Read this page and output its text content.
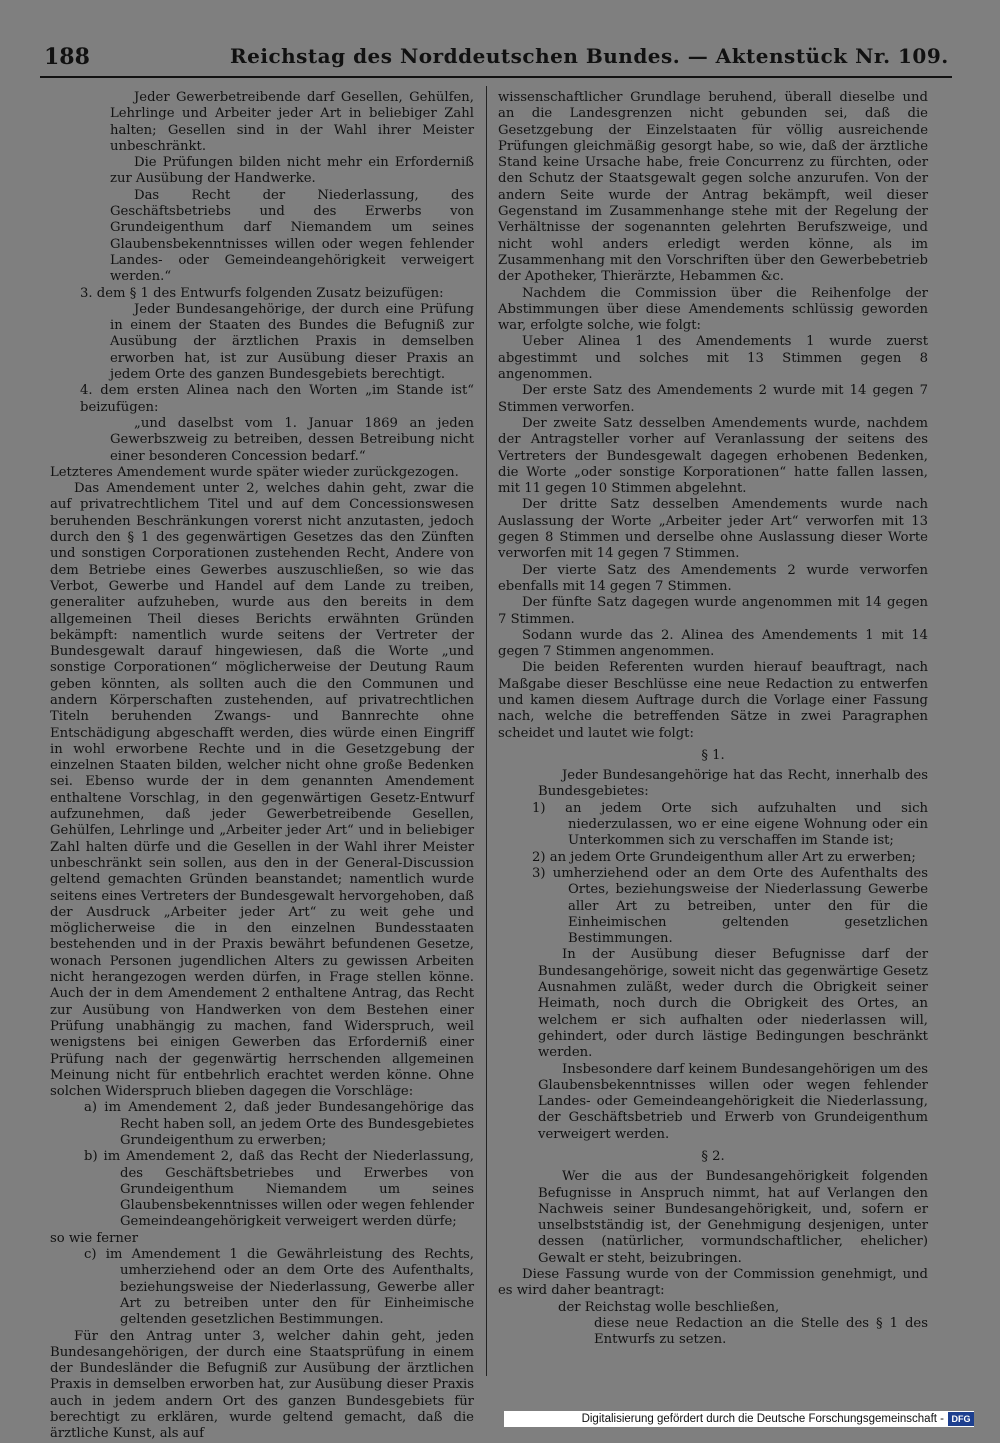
188	Reichstag des Norddeutschen Bundes. — Aktenstück Nr. 109.

Jeder Gewerbetreibende darf Gesellen, Gehülfen, Lehrlinge und Arbeiter jeder Art in beliebiger Zahl halten; Gesellen sind in der Wahl ihrer Meister unbeschränkt.

Die Prüfungen bilden nicht mehr ein Erforderniß zur Ausübung der Handwerke.

Das Recht der Niederlassung, des Geschäftsbetriebs und des Erwerbs von Grundeigenthum darf Niemandem um seines Glaubensbekenntnisses willen oder wegen fehlender Landes- oder Gemeindeangehörigkeit verweigert werden.“

3. dem § 1 des Entwurfs folgenden Zusatz beizufügen:

Jeder Bundesangehörige, der durch eine Prüfung in einem der Staaten des Bundes die Befugniß zur Ausübung der ärztlichen Praxis in demselben erworben hat, ist zur Ausübung dieser Praxis an jedem Orte des ganzen Bundesgebiets berechtigt.

4. dem ersten Alinea nach den Worten „im Stande ist“ beizufügen:

„und daselbst vom 1. Januar 1869 an jeden Gewerbszweig zu betreiben, dessen Betreibung nicht einer besonderen Concession bedarf.“

Letzteres Amendement wurde später wieder zurückgezogen.

Das Amendement unter 2, welches dahin geht, zwar die auf privatrechtlichem Titel und auf dem Concessionswesen beruhenden Beschränkungen vorerst nicht anzutasten, jedoch durch den § 1 des gegenwärtigen Gesetzes das den Zünften und sonstigen Corporationen zustehenden Recht, Andere von dem Betriebe eines Gewerbes auszuschließen, so wie das Verbot, Gewerbe und Handel auf dem Lande zu treiben, generaliter aufzuheben, wurde aus den bereits in dem allgemeinen Theil dieses Berichts erwähnten Gründen bekämpft: namentlich wurde seitens der Vertreter der Bundesgewalt darauf hingewiesen, daß die Worte „und sonstige Corporationen“ möglicherweise der Deutung Raum geben könnten, als sollten auch die den Communen und andern Körperschaften zustehenden, auf privatrechtlichen Titeln beruhenden Zwangs- und Bannrechte ohne Entschädigung abgeschafft werden, dies würde einen Eingriff in wohl erworbene Rechte und in die Gesetzgebung der einzelnen Staaten bilden, welcher nicht ohne große Bedenken sei. Ebenso wurde der in dem genannten Amendement enthaltene Vorschlag, in den gegenwärtigen Gesetz-Entwurf aufzunehmen, daß jeder Gewerbetreibende Gesellen, Gehülfen, Lehrlinge und „Arbeiter jeder Art“ und in beliebiger Zahl halten dürfe und die Gesellen in der Wahl ihrer Meister unbeschränkt sein sollen, aus den in der General-Discussion geltend gemachten Gründen beanstandet; namentlich wurde seitens eines Vertreters der Bundesgewalt hervorgehoben, daß der Ausdruck „Arbeiter jeder Art“ zu weit gehe und möglicherweise die in den einzelnen Bundesstaaten bestehenden und in der Praxis bewährt befundenen Gesetze, wonach Personen jugendlichen Alters zu gewissen Arbeiten nicht herangezogen werden dürfen, in Frage stellen könne. Auch der in dem Amendement 2 enthaltene Antrag, das Recht zur Ausübung von Handwerken von dem Bestehen einer Prüfung unabhängig zu machen, fand Widerspruch, weil wenigstens bei einigen Gewerben das Erforderniß einer Prüfung nach der gegenwärtig herrschenden allgemeinen Meinung nicht für entbehrlich erachtet werden könne. Ohne solchen Widerspruch blieben dagegen die Vorschläge:

a) im Amendement 2, daß jeder Bundesangehörige das Recht haben soll, an jedem Orte des Bundesgebietes Grundeigenthum zu erwerben;

b) im Amendement 2, daß das Recht der Niederlassung, des Geschäftsbetriebes und Erwerbes von Grundeigenthum Niemandem um seines Glaubensbekenntnisses willen oder wegen fehlender Gemeindeangehörigkeit verweigert werden dürfe;

so wie ferner

c) im Amendement 1 die Gewährleistung des Rechts, umherziehend oder an dem Orte des Aufenthalts, beziehungsweise der Niederlassung, Gewerbe aller Art zu betreiben unter den für Einheimische geltenden gesetzlichen Bestimmungen.

Für den Antrag unter 3, welcher dahin geht, jeden Bundesangehörigen, der durch eine Staatsprüfung in einem der Bundesländer die Befugniß zur Ausübung der ärztlichen Praxis in demselben erworben hat, zur Ausübung dieser Praxis auch in jedem andern Ort des ganzen Bundesgebiets für berechtigt zu erklären, wurde geltend gemacht, daß die ärztliche Kunst, als auf

wissenschaftlicher Grundlage beruhend, überall dieselbe und an die Landesgrenzen nicht gebunden sei, daß die Gesetzgebung der Einzelstaaten für völlig ausreichende Prüfungen gleichmäßig gesorgt habe, so wie, daß der ärztliche Stand keine Ursache habe, freie Concurrenz zu fürchten, oder den Schutz der Staatsgewalt gegen solche anzurufen. Von der andern Seite wurde der Antrag bekämpft, weil dieser Gegenstand im Zusammenhange stehe mit der Regelung der Verhältnisse der sogenannten gelehrten Berufszweige, und nicht wohl anders erledigt werden könne, als im Zusammenhang mit den Vorschriften über den Gewerbebetrieb der Apotheker, Thierärzte, Hebammen &c.

Nachdem die Commission über die Reihenfolge der Abstimmungen über diese Amendements schlüssig geworden war, erfolgte solche, wie folgt:

Ueber Alinea 1 des Amendements 1 wurde zuerst abgestimmt und solches mit 13 Stimmen gegen 8 angenommen.

Der erste Satz des Amendements 2 wurde mit 14 gegen 7 Stimmen verworfen.

Der zweite Satz desselben Amendements wurde, nachdem der Antragsteller vorher auf Veranlassung der seitens des Vertreters der Bundesgewalt dagegen erhobenen Bedenken, die Worte „oder sonstige Korporationen“ hatte fallen lassen, mit 11 gegen 10 Stimmen abgelehnt.

Der dritte Satz desselben Amendements wurde nach Auslassung der Worte „Arbeiter jeder Art“ verworfen mit 13 gegen 8 Stimmen und derselbe ohne Auslassung dieser Worte verworfen mit 14 gegen 7 Stimmen.

Der vierte Satz des Amendements 2 wurde verworfen ebenfalls mit 14 gegen 7 Stimmen.

Der fünfte Satz dagegen wurde angenommen mit 14 gegen 7 Stimmen.

Sodann wurde das 2. Alinea des Amendements 1 mit 14 gegen 7 Stimmen angenommen.

Die beiden Referenten wurden hierauf beauftragt, nach Maßgabe dieser Beschlüsse eine neue Redaction zu entwerfen und kamen diesem Auftrage durch die Vorlage einer Fassung nach, welche die betreffenden Sätze in zwei Paragraphen scheidet und lautet wie folgt:

§ 1.

Jeder Bundesangehörige hat das Recht, innerhalb des Bundesgebietes:

1) an jedem Orte sich aufzuhalten und sich niederzulassen, wo er eine eigene Wohnung oder ein Unterkommen sich zu verschaffen im Stande ist;

2) an jedem Orte Grundeigenthum aller Art zu erwerben;

3) umherziehend oder an dem Orte des Aufenthalts des Ortes, beziehungsweise der Niederlassung Gewerbe aller Art zu betreiben, unter den für die Einheimischen geltenden gesetzlichen Bestimmungen.

In der Ausübung dieser Befugnisse darf der Bundesangehörige, soweit nicht das gegenwärtige Gesetz Ausnahmen zuläßt, weder durch die Obrigkeit seiner Heimath, noch durch die Obrigkeit des Ortes, an welchem er sich aufhalten oder niederlassen will, gehindert, oder durch lästige Bedingungen beschränkt werden.

Insbesondere darf keinem Bundesangehörigen um des Glaubensbekenntnisses willen oder wegen fehlender Landes- oder Gemeindeangehörigkeit die Niederlassung, der Geschäftsbetrieb und Erwerb von Grundeigenthum verweigert werden.

§ 2.

Wer die aus der Bundesangehörigkeit folgenden Befugnisse in Anspruch nimmt, hat auf Verlangen den Nachweis seiner Bundesangehörigkeit, und, sofern er unselbstständig ist, der Genehmigung desjenigen, unter dessen (natürlicher, vormundschaftlicher, ehelicher) Gewalt er steht, beizubringen.

Diese Fassung wurde von der Commission genehmigt, und es wird daher beantragt:

der Reichstag wolle beschließen,

diese neue Redaction an die Stelle des § 1 des Entwurfs zu setzen.

Digitalisierung gefördert durch die Deutsche Forschungsgemeinschaft - DFG
